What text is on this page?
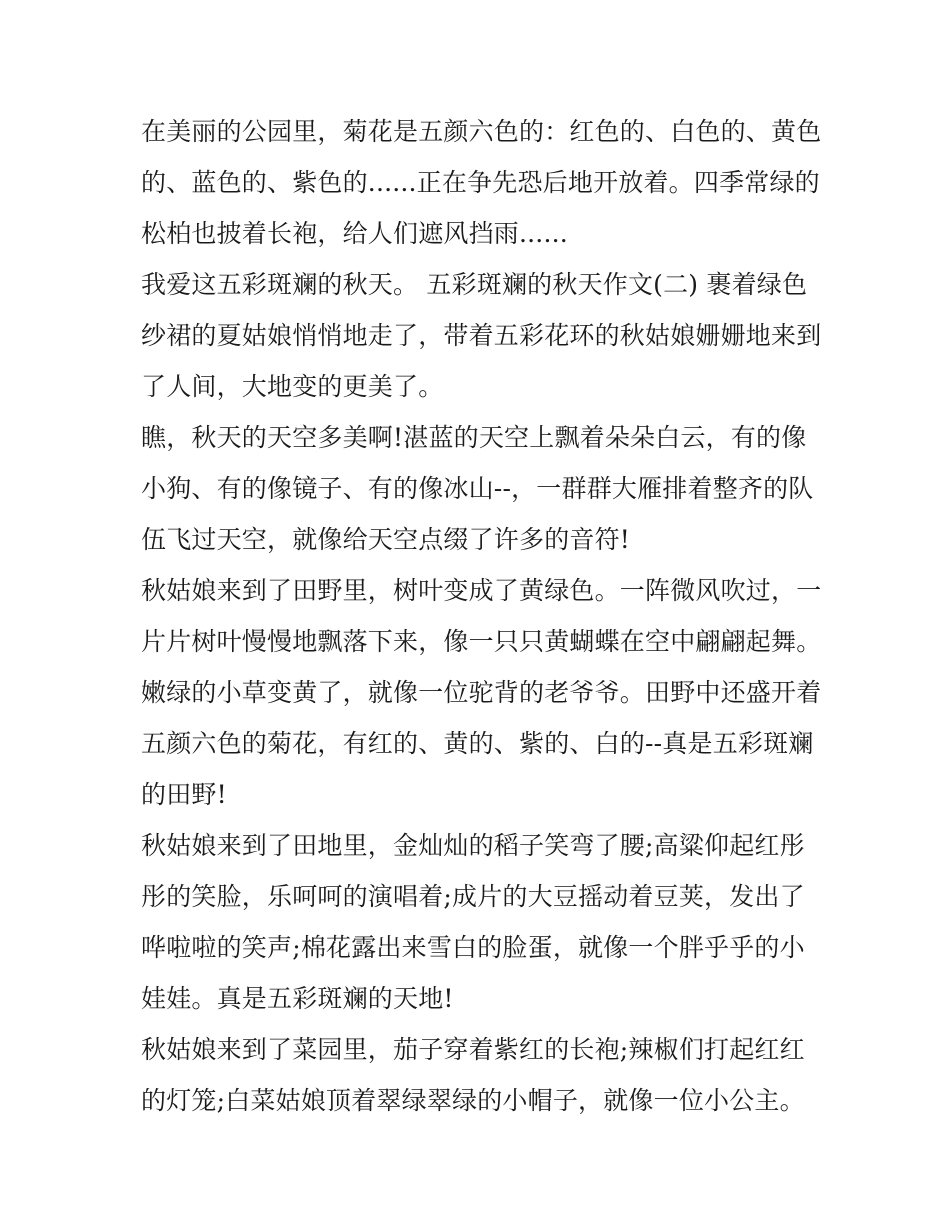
在美丽的公园里，菊花是五颜六色的：红色的、白色的、黄色
的、蓝色的、紫色的......正在争先恐后地开放着。四季常绿的
松柏也披着长袍，给人们遮风挡雨......
我爱这五彩斑斓的秋天。 五彩斑斓的秋天作文(二) 裹着绿色
纱裙的夏姑娘悄悄地走了，带着五彩花环的秋姑娘姗姗地来到
了人间，大地变的更美了。
瞧，秋天的天空多美啊!湛蓝的天空上飘着朵朵白云，有的像
小狗、有的像镜子、有的像冰山--，一群群大雁排着整齐的队
伍飞过天空，就像给天空点缀了许多的音符!
秋姑娘来到了田野里，树叶变成了黄绿色。一阵微风吹过，一
片片树叶慢慢地飘落下来，像一只只黄蝴蝶在空中翩翩起舞。
嫩绿的小草变黄了，就像一位驼背的老爷爷。田野中还盛开着
五颜六色的菊花，有红的、黄的、紫的、白的--真是五彩斑斓
的田野!
秋姑娘来到了田地里，金灿灿的稻子笑弯了腰;高粱仰起红彤
彤的笑脸，乐呵呵的演唱着;成片的大豆摇动着豆荚，发出了
哗啦啦的笑声;棉花露出来雪白的脸蛋，就像一个胖乎乎的小
娃娃。真是五彩斑斓的天地!
秋姑娘来到了菜园里，茄子穿着紫红的长袍;辣椒们打起红红
的灯笼;白菜姑娘顶着翠绿翠绿的小帽子，就像一位小公主。
